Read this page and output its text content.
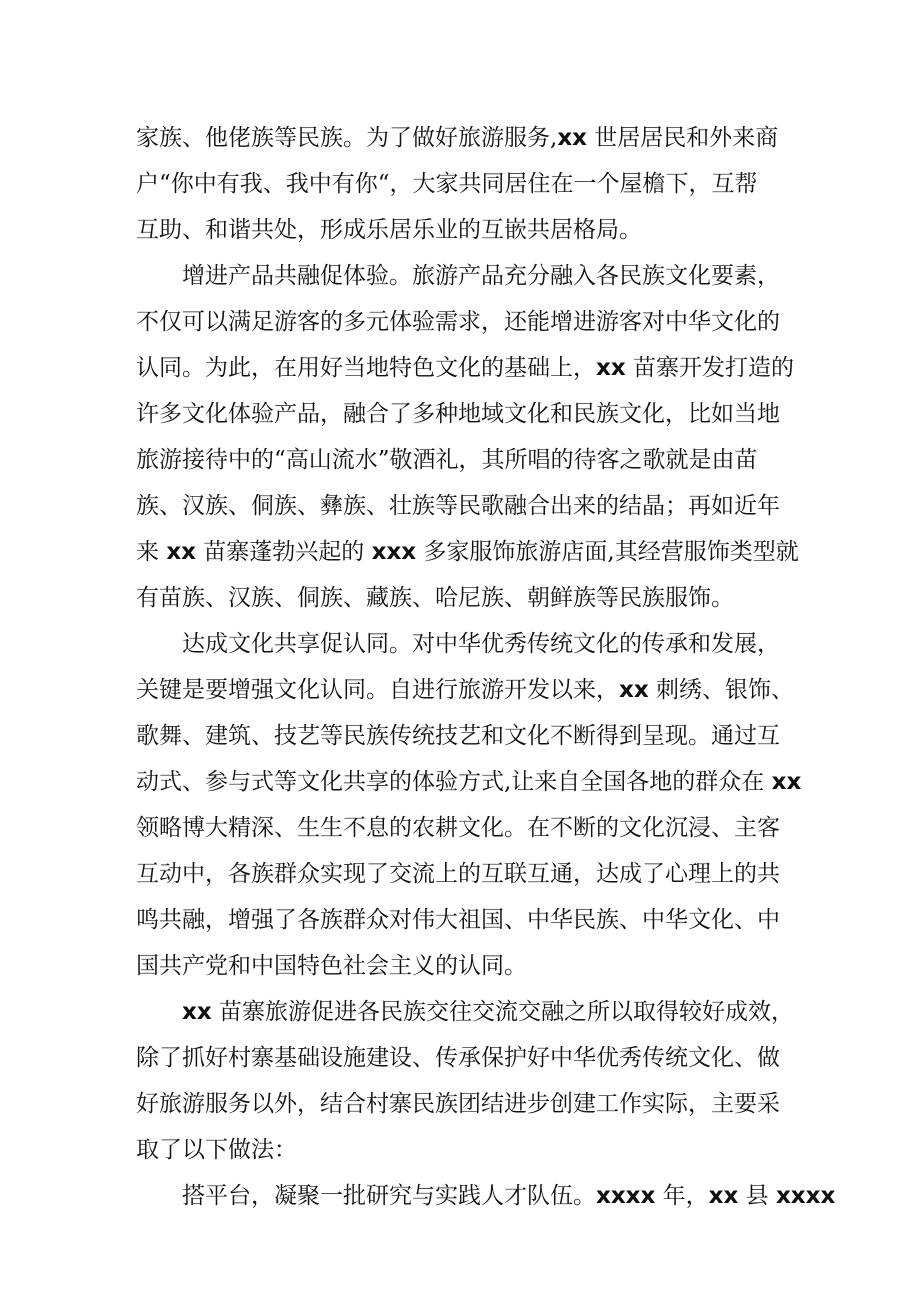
家族、他佬族等民族。为了做好旅游服务,xx 世居居民和外来商
户“你中有我、我中有你“，大家共同居住在一个屋檐下，互帮
互助、和谐共处，形成乐居乐业的互嵌共居格局。
增进产品共融促体验。旅游产品充分融入各民族文化要素，
不仅可以满足游客的多元体验需求，还能增进游客对中华文化的
认同。为此，在用好当地特色文化的基础上，xx 苗寨开发打造的
许多文化体验产品，融合了多种地域文化和民族文化，比如当地
旅游接待中的“高山流水”敬酒礼，其所唱的待客之歌就是由苗
族、汉族、侗族、彝族、壮族等民歌融合出来的结晶；再如近年
来 xx 苗寨蓬勃兴起的 xxx 多家服饰旅游店面,其经营服饰类型就
有苗族、汉族、侗族、藏族、哈尼族、朝鲜族等民族服饰。
达成文化共享促认同。对中华优秀传统文化的传承和发展，
关键是要增强文化认同。自进行旅游开发以来，xx 刺绣、银饰、
歌舞、建筑、技艺等民族传统技艺和文化不断得到呈现。通过互
动式、参与式等文化共享的体验方式,让来自全国各地的群众在 xx
领略博大精深、生生不息的农耕文化。在不断的文化沉浸、主客
互动中，各族群众实现了交流上的互联互通，达成了心理上的共
鸣共融，增强了各族群众对伟大祖国、中华民族、中华文化、中
国共产党和中国特色社会主义的认同。
xx 苗寨旅游促进各民族交往交流交融之所以取得较好成效，
除了抓好村寨基础设施建设、传承保护好中华优秀传统文化、做
好旅游服务以外，结合村寨民族团结进步创建工作实际，主要采
取了以下做法：
搭平台，凝聚一批研究与实践人才队伍。xxxx 年，xx 县 xxxx
